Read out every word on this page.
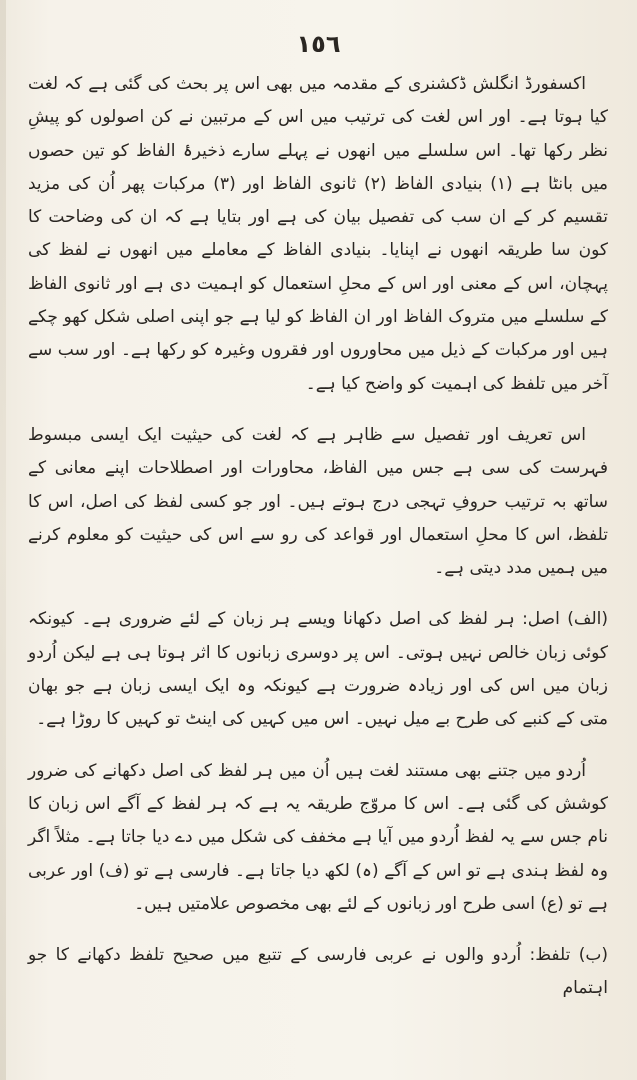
١٥٦

اکسفورڈ انگلش ڈکشنری کے مقدمہ میں بھی اس پر بحث کی گئی ہے کہ لغت کیا ہوتا ہے۔ اور اس لغت کی ترتیب میں اس کے مرتبین نے کن اصولوں کو پیشِ نظر رکھا تھا۔ اس سلسلے میں انھوں نے پہلے سارے ذخیرۂ الفاظ کو تین حصوں میں بانٹا ہے (۱) بنیادی الفاظ (۲) ثانوی الفاظ اور (۳) مرکبات پھر اُن کی مزید تقسیم کر کے ان سب کی تفصیل بیان کی ہے اور بتایا ہے کہ ان کی وضاحت کا کون سا طریقہ انھوں نے اپنایا۔ بنیادی الفاظ کے معاملے میں انھوں نے لفظ کی پہچان، اس کے معنی اور اس کے محلِ استعمال کو اہمیت دی ہے اور ثانوی الفاظ کے سلسلے میں متروک الفاظ اور ان الفاظ کو لیا ہے جو اپنی اصلی شکل کھو چکے ہیں اور مرکبات کے ذیل میں محاوروں اور فقروں وغیرہ کو رکھا ہے۔ اور سب سے آخر میں تلفظ کی اہمیت کو واضح کیا ہے۔

اس تعریف اور تفصیل سے ظاہر ہے کہ لغت کی حیثیت ایک ایسی مبسوط فہرست کی سی ہے جس میں الفاظ، محاورات اور اصطلاحات اپنے معانی کے ساتھ بہ ترتیب حروفِ تہجی درج ہوتے ہیں۔ اور جو کسی لفظ کی اصل، اس کا تلفظ، اس کا محلِ استعمال اور قواعد کی رو سے اس کی حیثیت کو معلوم کرنے میں ہمیں مدد دیتی ہے۔

(الف) اصل: ہر لفظ کی اصل دکھانا ویسے ہر زبان کے لئے ضروری ہے۔ کیونکہ کوئی زبان خالص نہیں ہوتی۔ اس پر دوسری زبانوں کا اثر ہوتا ہی ہے لیکن اُردو زبان میں اس کی اور زیادہ ضرورت ہے کیونکہ وہ ایک ایسی زبان ہے جو بھان متی کے کنبے کی طرح بے میل نہیں۔ اس میں کہیں کی اینٹ تو کہیں کا روڑا ہے۔

اُردو میں جتنے بھی مستند لغت ہیں اُن میں ہر لفظ کی اصل دکھانے کی ضرور کوشش کی گئی ہے۔ اس کا مروّج طریقہ یہ ہے کہ ہر لفظ کے آگے اس زبان کا نام جس سے یہ لفظ اُردو میں آیا ہے مخفف کی شکل میں دے دیا جاتا ہے۔ مثلاً اگر وہ لفظ ہندی ہے تو اس کے آگے (ہ) لکھ دیا جاتا ہے۔ فارسی ہے تو (ف) اور عربی ہے تو (ع) اسی طرح اور زبانوں کے لئے بھی مخصوص علامتیں ہیں۔

(ب) تلفظ: اُردو والوں نے عربی فارسی کے تتبع میں صحیح تلفظ دکھانے کا جو اہتمام
